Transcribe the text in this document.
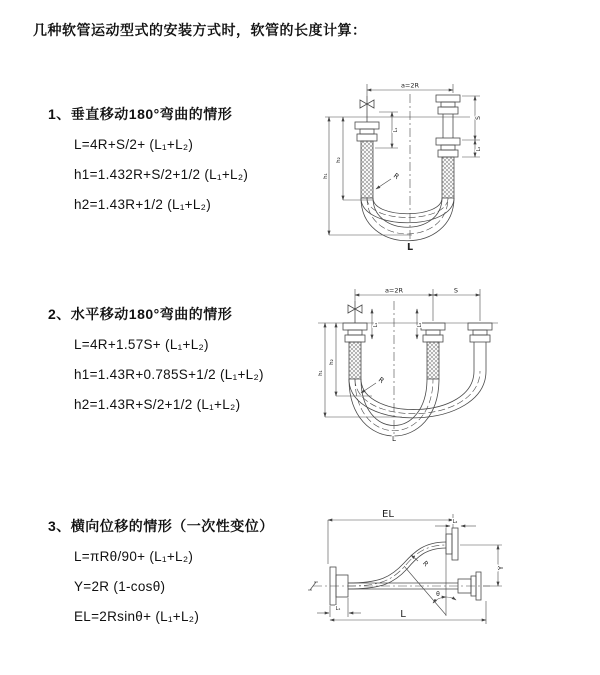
几种软管运动型式的安装方式时，软管的长度计算：
1、垂直移动180°弯曲的情形
L=4R+S/2+ (L₁+L₂)
h1=1.432R+S/2+1/2 (L₁+L₂)
h2=1.43R+1/2 (L₁+L₂)
2、水平移动180°弯曲的情形
L=4R+1.57S+ (L₁+L₂)
h1=1.43R+0.785S+1/2 (L₁+L₂)
h2=1.43R+S/2+1/2 (L₁+L₂)
3、横向位移的情形（一次性变位）
L=πRθ/90+ (L₁+L₂)
Y=2R (1-cosθ)
EL=2Rsinθ+ (L₁+L₂)
a=2R
h₁
h₂
L₁
S
L₂
R
L
a=2R	S
h₁
h₂
L₁	L₂
R
L
EL
L₂
Y
R
θ
L₁	L
